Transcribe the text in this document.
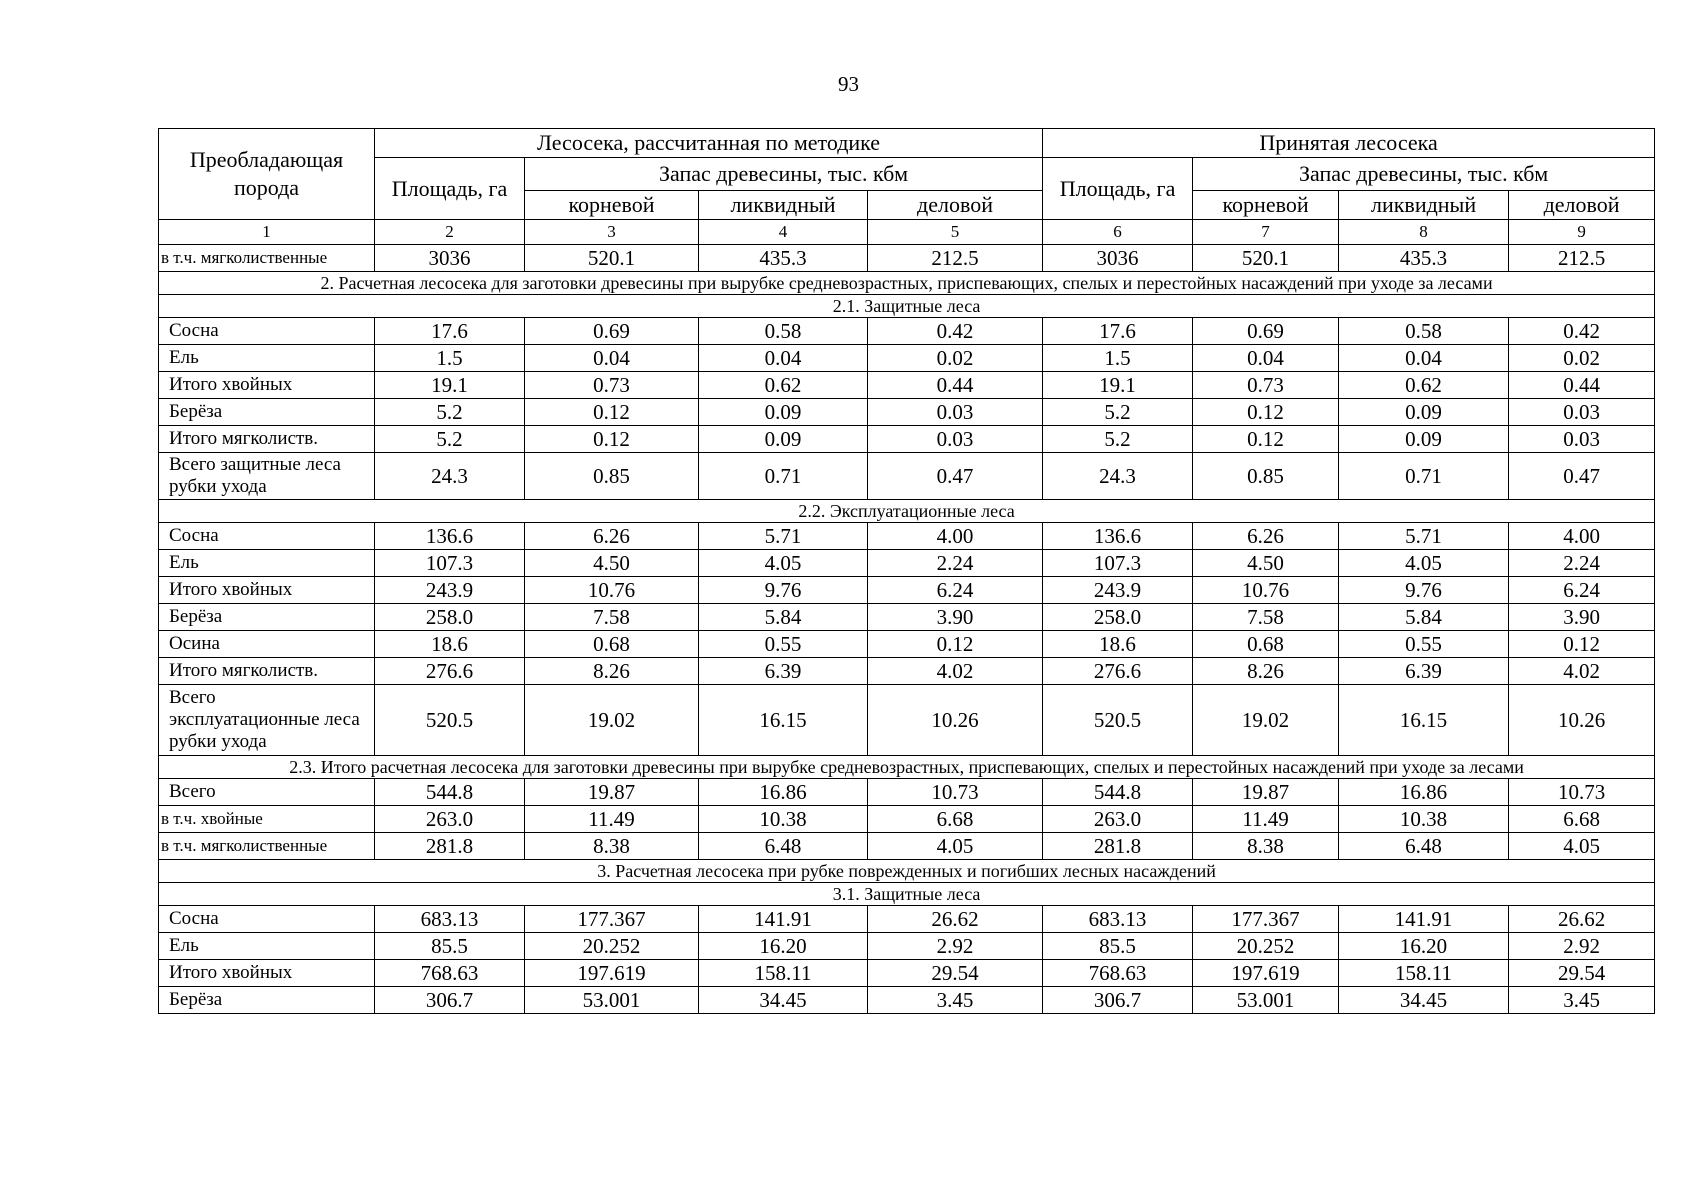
93
Преобладающая порода	Лесосека, рассчитанная по методике				Принятая лесосека			
	Площадь, га	Запас древесины, тыс. кбм			Площадь, га	Запас древесины, тыс. кбм		
		корневой	ликвидный	деловой		корневой	ликвидный	деловой
1	2	3	4	5	6	7	8	9
в т.ч. мягколиственные	3036	520.1	435.3	212.5	3036	520.1	435.3	212.5
2. Расчетная лесосека для заготовки древесины при вырубке средневозрастных, приспевающих, спелых и перестойных насаждений при уходе за лесами								
2.1. Защитные леса								
Сосна	17.6	0.69	0.58	0.42	17.6	0.69	0.58	0.42
Ель	1.5	0.04	0.04	0.02	1.5	0.04	0.04	0.02
Итого хвойных	19.1	0.73	0.62	0.44	19.1	0.73	0.62	0.44
Берёза	5.2	0.12	0.09	0.03	5.2	0.12	0.09	0.03
Итого мягколиств.	5.2	0.12	0.09	0.03	5.2	0.12	0.09	0.03
Всего защитные леса рубки ухода	24.3	0.85	0.71	0.47	24.3	0.85	0.71	0.47
2.2. Эксплуатационные леса								
Сосна	136.6	6.26	5.71	4.00	136.6	6.26	5.71	4.00
Ель	107.3	4.50	4.05	2.24	107.3	4.50	4.05	2.24
Итого хвойных	243.9	10.76	9.76	6.24	243.9	10.76	9.76	6.24
Берёза	258.0	7.58	5.84	3.90	258.0	7.58	5.84	3.90
Осина	18.6	0.68	0.55	0.12	18.6	0.68	0.55	0.12
Итого мягколиств.	276.6	8.26	6.39	4.02	276.6	8.26	6.39	4.02
Всего эксплуатационные леса рубки ухода	520.5	19.02	16.15	10.26	520.5	19.02	16.15	10.26
2.3. Итого расчетная лесосека для заготовки древесины при вырубке средневозрастных, приспевающих, спелых и перестойных насаждений при уходе за лесами								
Всего	544.8	19.87	16.86	10.73	544.8	19.87	16.86	10.73
в т.ч. хвойные	263.0	11.49	10.38	6.68	263.0	11.49	10.38	6.68
в т.ч. мягколиственные	281.8	8.38	6.48	4.05	281.8	8.38	6.48	4.05
3. Расчетная лесосека при рубке поврежденных и погибших лесных насаждений								
3.1. Защитные леса								
Сосна	683.13	177.367	141.91	26.62	683.13	177.367	141.91	26.62
Ель	85.5	20.252	16.20	2.92	85.5	20.252	16.20	2.92
Итого хвойных	768.63	197.619	158.11	29.54	768.63	197.619	158.11	29.54
Берёза	306.7	53.001	34.45	3.45	306.7	53.001	34.45	3.45
